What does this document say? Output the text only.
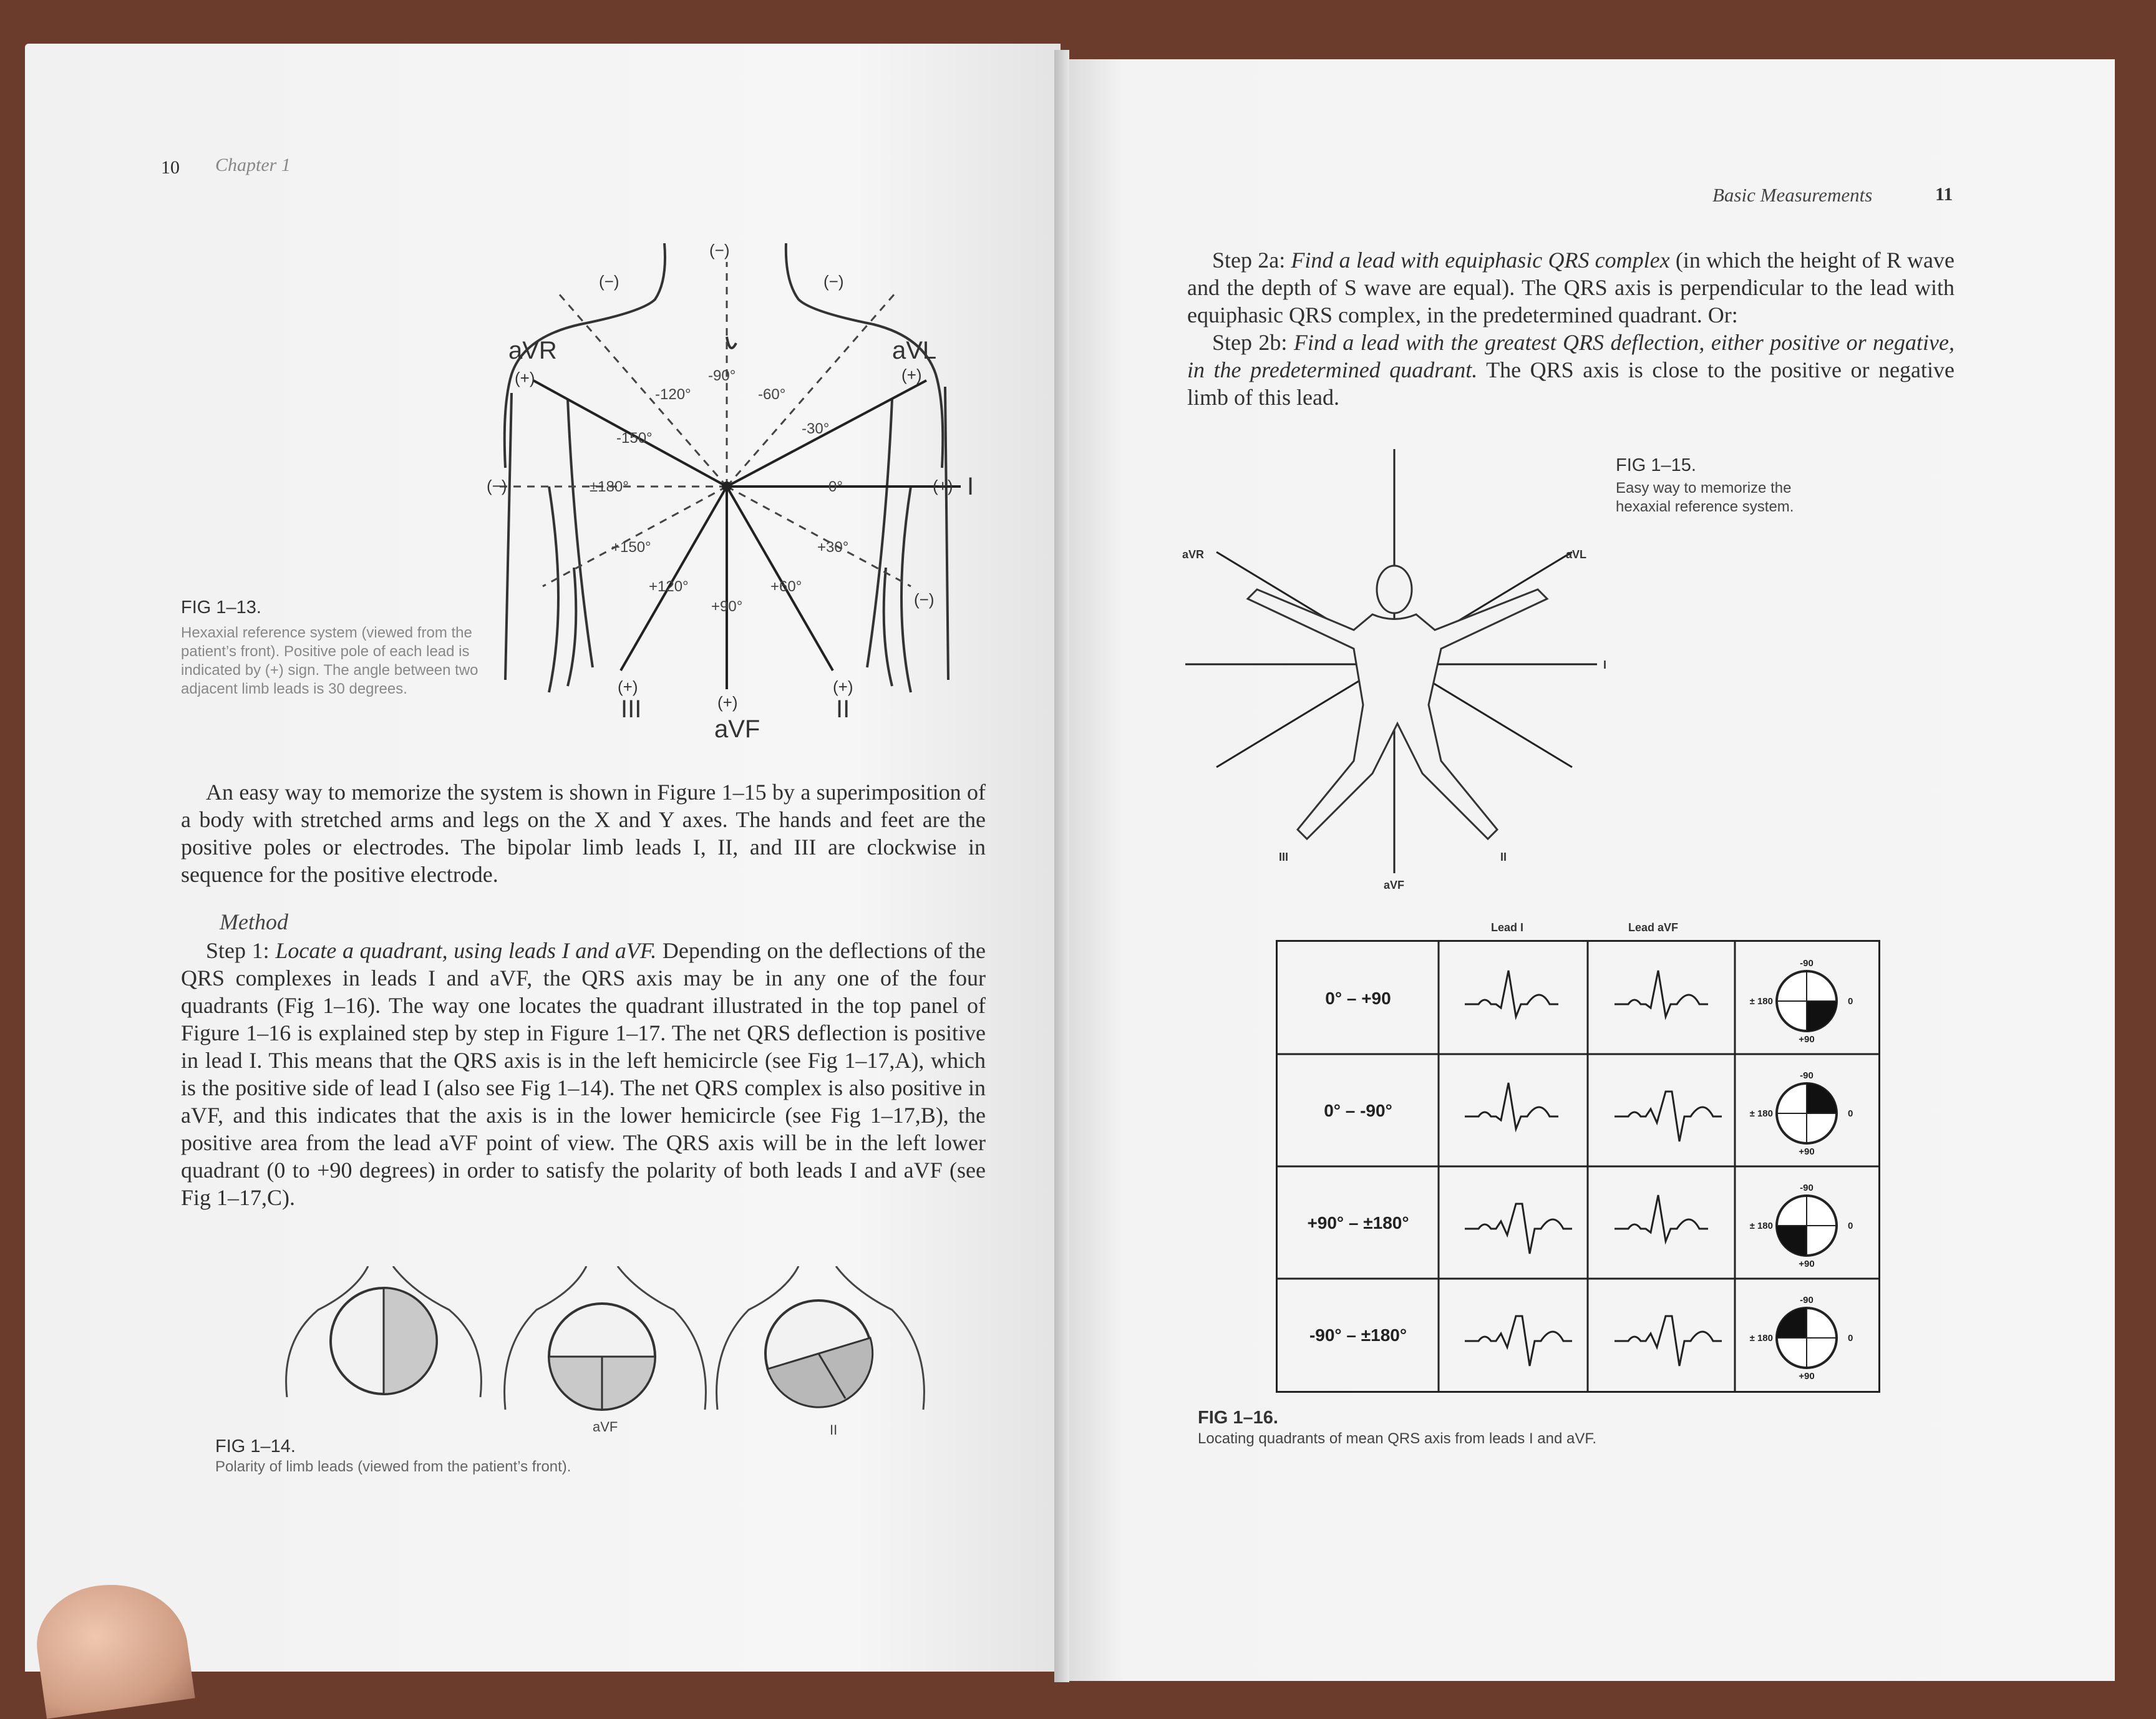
10 Chapter 1

-90°
-120°	-60°
-150°
-30°
±180°	0°
+150°	+30°
+120°	+60°
+90°
(−)
(−)	(−)
(−)
(−)
(+)	(+)
(+)
(+)	(+)
(+)
aVR	aVL
I
III	II
aVF

FIG 1–13.

Hexaxial reference system (viewed from the patient’s front). Positive pole of each lead is indicated by (+) sign. The angle between two adjacent limb leads is 30 degrees.

An easy way to memorize the system is shown in Figure 1–15 by a superimposition of a body with stretched arms and legs on the X and Y axes. The hands and feet are the positive poles or electrodes. The bipolar limb leads I, II, and III are clockwise in sequence for the positive electrode.

Method

Step 1: Locate a quadrant, using leads I and aVF. Depending on the deflections of the QRS complexes in leads I and aVF, the QRS axis may be in any one of the four quadrants (Fig 1–16). The way one locates the quadrant illustrated in the top panel of Figure 1–16 is explained step by step in Figure 1–17. The net QRS deflection is positive in lead I. This means that the QRS axis is in the left hemicircle (see Fig 1–17,A), which is the positive side of lead I (also see Fig 1–14). The net QRS complex is also positive in aVF, and this indicates that the axis is in the lower hemicircle (see Fig 1–17,B), the positive area from the lead aVF point of view. The QRS axis will be in the left lower quadrant (0 to +90 degrees) in order to satisfy the polarity of both leads I and aVF (see Fig 1–17,C).

aVF	II

FIG 1–14.

Polarity of limb leads (viewed from the patient’s front).

Basic Measurements	11

Step 2a: Find a lead with equiphasic QRS complex (in which the height of R wave and the depth of S wave are equal). The QRS axis is perpendicular to the lead with equiphasic QRS complex, in the predetermined quadrant. Or:

Step 2b: Find a lead with the greatest QRS deflection, either positive or negative, in the predetermined quadrant. The QRS axis is close to the positive or negative limb of this lead.

aVR	aVL
I
III	II
aVF

FIG 1–15.

Easy way to memorize the hexaxial reference system.

Lead I	Lead aVF

0° – +90
-90
± 180	0
+90
0° – -90°
-90
± 180	0
+90
+90° – ±180°
-90
± 180	0
+90
-90° – ±180°
-90
± 180	0
+90

FIG 1–16.

Locating quadrants of mean QRS axis from leads I and aVF.
